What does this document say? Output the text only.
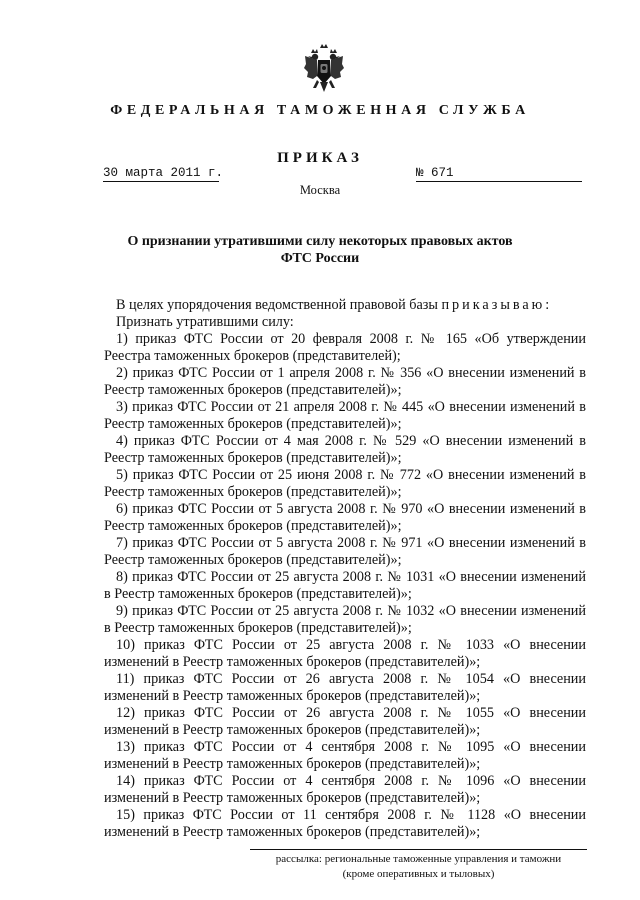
ФЕДЕРАЛЬНАЯ ТАМОЖЕННАЯ СЛУЖБА
ПРИКАЗ
30 марта 2011 г.	№ 671
Москва
О признании утратившими силу некоторых правовых актов
ФТС России
В целях упорядочения ведомственной правовой базы приказываю:
Признать утратившими силу:
1) приказ ФТС России от 20 февраля 2008 г. № 165 «Об утверждении
Реестра таможенных брокеров (представителей);
2) приказ ФТС России от 1 апреля 2008 г. № 356 «О внесении изменений в
Реестр таможенных брокеров (представителей)»;
3) приказ ФТС России от 21 апреля 2008 г. № 445 «О внесении изменений в
Реестр таможенных брокеров (представителей)»;
4) приказ ФТС России от 4 мая 2008 г. № 529 «О внесении изменений в
Реестр таможенных брокеров (представителей)»;
5) приказ ФТС России от 25 июня 2008 г. № 772 «О внесении изменений в
Реестр таможенных брокеров (представителей)»;
6) приказ ФТС России от 5 августа 2008 г. № 970 «О внесении изменений в
Реестр таможенных брокеров (представителей)»;
7) приказ ФТС России от 5 августа 2008 г. № 971 «О внесении изменений в
Реестр таможенных брокеров (представителей)»;
8) приказ ФТС России от 25 августа 2008 г. № 1031 «О внесении изменений
в Реестр таможенных брокеров (представителей)»;
9) приказ ФТС России от 25 августа 2008 г. № 1032 «О внесении изменений
в Реестр таможенных брокеров (представителей)»;
10) приказ ФТС России от 25 августа 2008 г. № 1033 «О внесении
изменений в Реестр таможенных брокеров (представителей)»;
11) приказ ФТС России от 26 августа 2008 г. № 1054 «О внесении
изменений в Реестр таможенных брокеров (представителей)»;
12) приказ ФТС России от 26 августа 2008 г. № 1055 «О внесении
изменений в Реестр таможенных брокеров (представителей)»;
13) приказ ФТС России от 4 сентября 2008 г. № 1095 «О внесении
изменений в Реестр таможенных брокеров (представителей)»;
14) приказ ФТС России от 4 сентября 2008 г. № 1096 «О внесении
изменений в Реестр таможенных брокеров (представителей)»;
15) приказ ФТС России от 11 сентября 2008 г. № 1128 «О внесении
изменений в Реестр таможенных брокеров (представителей)»;
рассылка: региональные таможенные управления и таможни
(кроме оперативных и тыловых)
